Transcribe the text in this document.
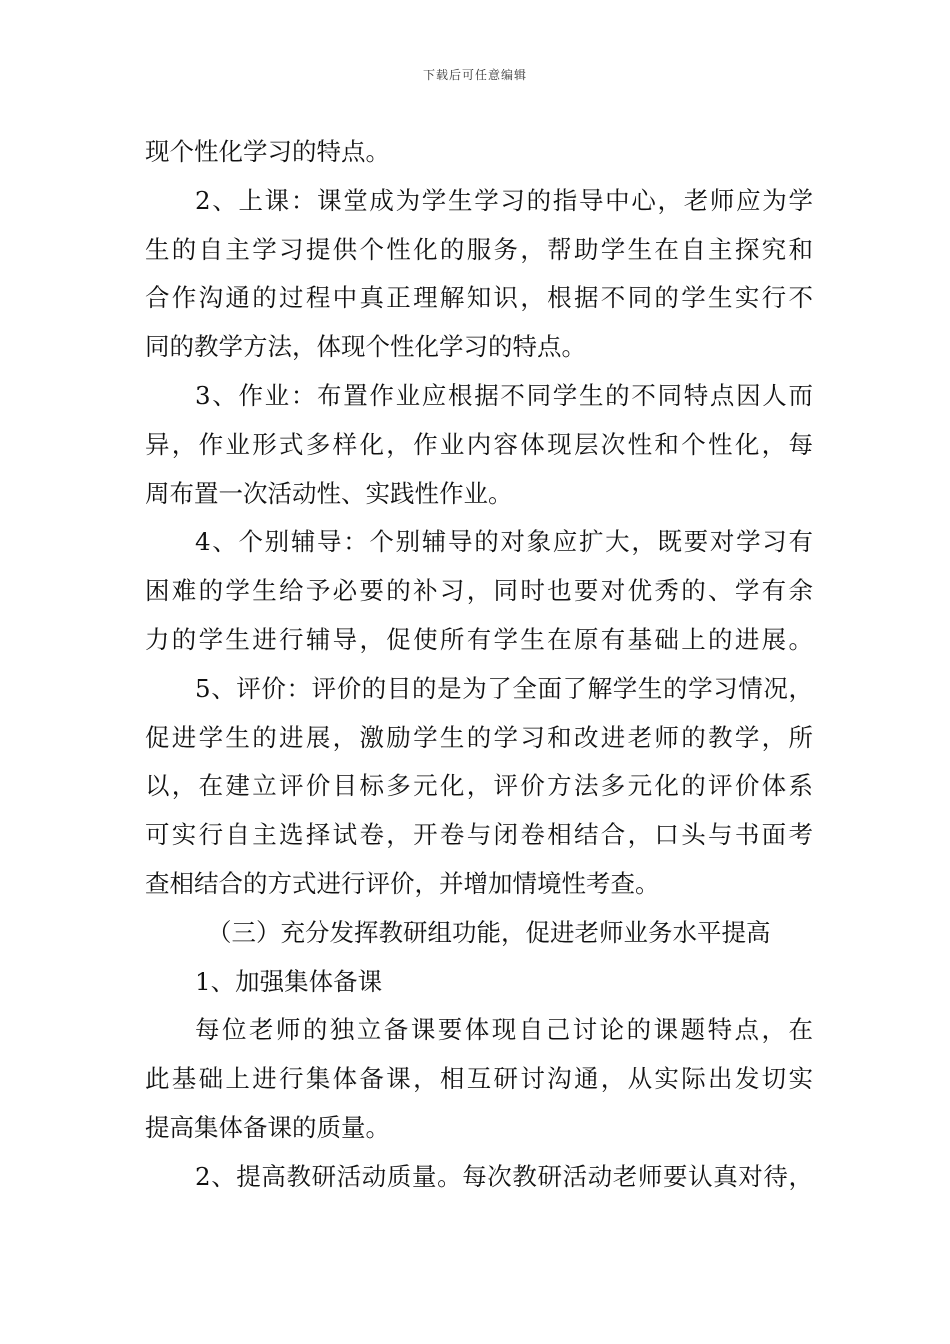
下载后可任意编辑
现个性化学习的特点。
2、上课：课堂成为学生学习的指导中心，老师应为学
生的自主学习提供个性化的服务，帮助学生在自主探究和
合作沟通的过程中真正理解知识，根据不同的学生实行不
同的教学方法，体现个性化学习的特点。
3、作业：布置作业应根据不同学生的不同特点因人而
异，作业形式多样化，作业内容体现层次性和个性化，每
周布置一次活动性、实践性作业。
4、个别辅导：个别辅导的对象应扩大，既要对学习有
困难的学生给予必要的补习，同时也要对优秀的、学有余
力的学生进行辅导，促使所有学生在原有基础上的进展。
5、评价：评价的目的是为了全面了解学生的学习情况，
促进学生的进展，激励学生的学习和改进老师的教学，所
以，在建立评价目标多元化，评价方法多元化的评价体系
可实行自主选择试卷，开卷与闭卷相结合，口头与书面考
查相结合的方式进行评价，并增加情境性考查。
（三）充分发挥教研组功能，促进老师业务水平提高
1、加强集体备课
每位老师的独立备课要体现自己讨论的课题特点，在
此基础上进行集体备课，相互研讨沟通，从实际出发切实
提高集体备课的质量。
2、提高教研活动质量。每次教研活动老师要认真对待，
